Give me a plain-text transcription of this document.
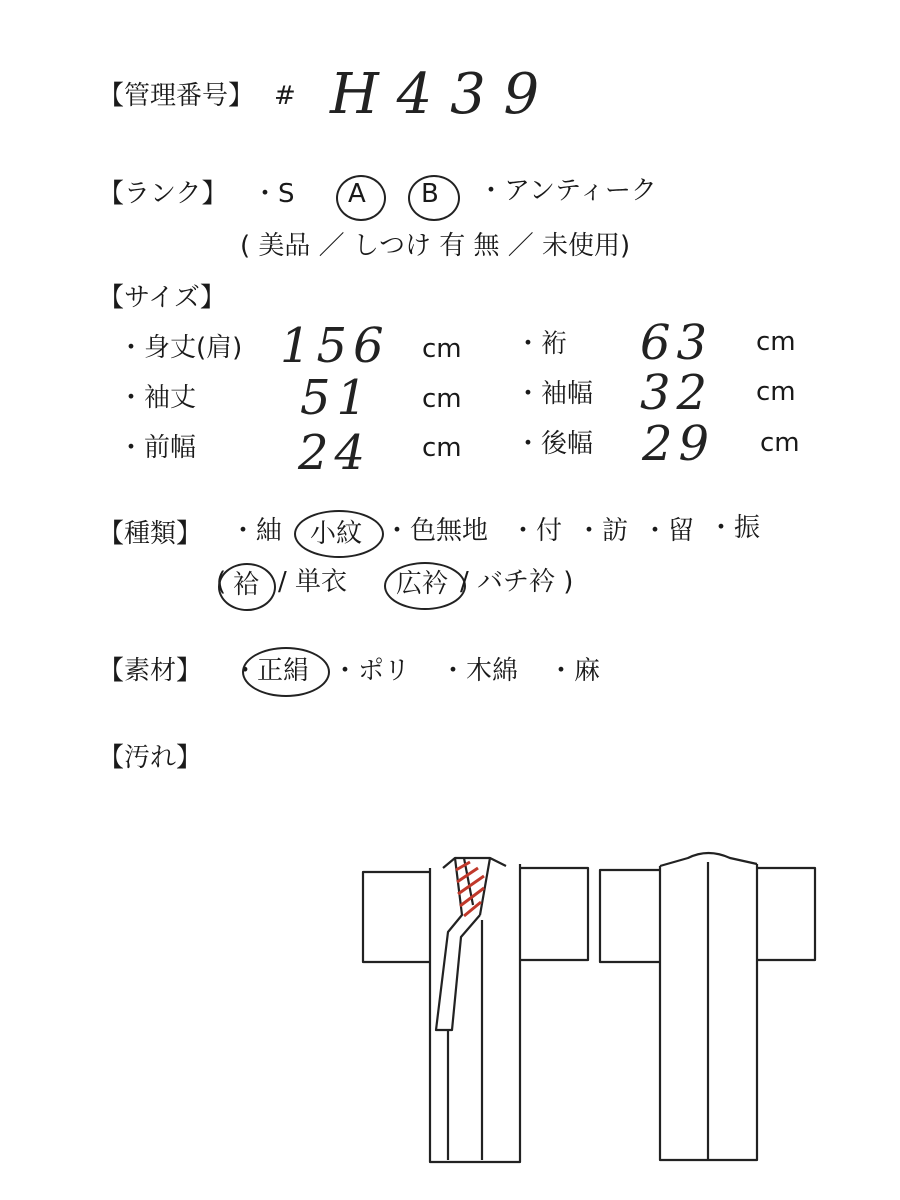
【管理番号】 # H 4 3 9
【ランク】 ・S A B ・アンティーク
( 美品 ／ しつけ 有 無 ／ 未使用)
【サイズ】
・身丈(肩) 156 cm ・裄 63 cm
・袖丈 51 cm ・袖幅 32 cm
・前幅 24 cm ・後幅 29 cm
【種類】 ・紬 小紋 ・色無地 ・付 ・訪 ・留 ・振
( 袷 / 単衣 広衿 / バチ衿 )
【素材】 ・
正絹 ・ポリ ・木綿 ・麻
【汚れ】
